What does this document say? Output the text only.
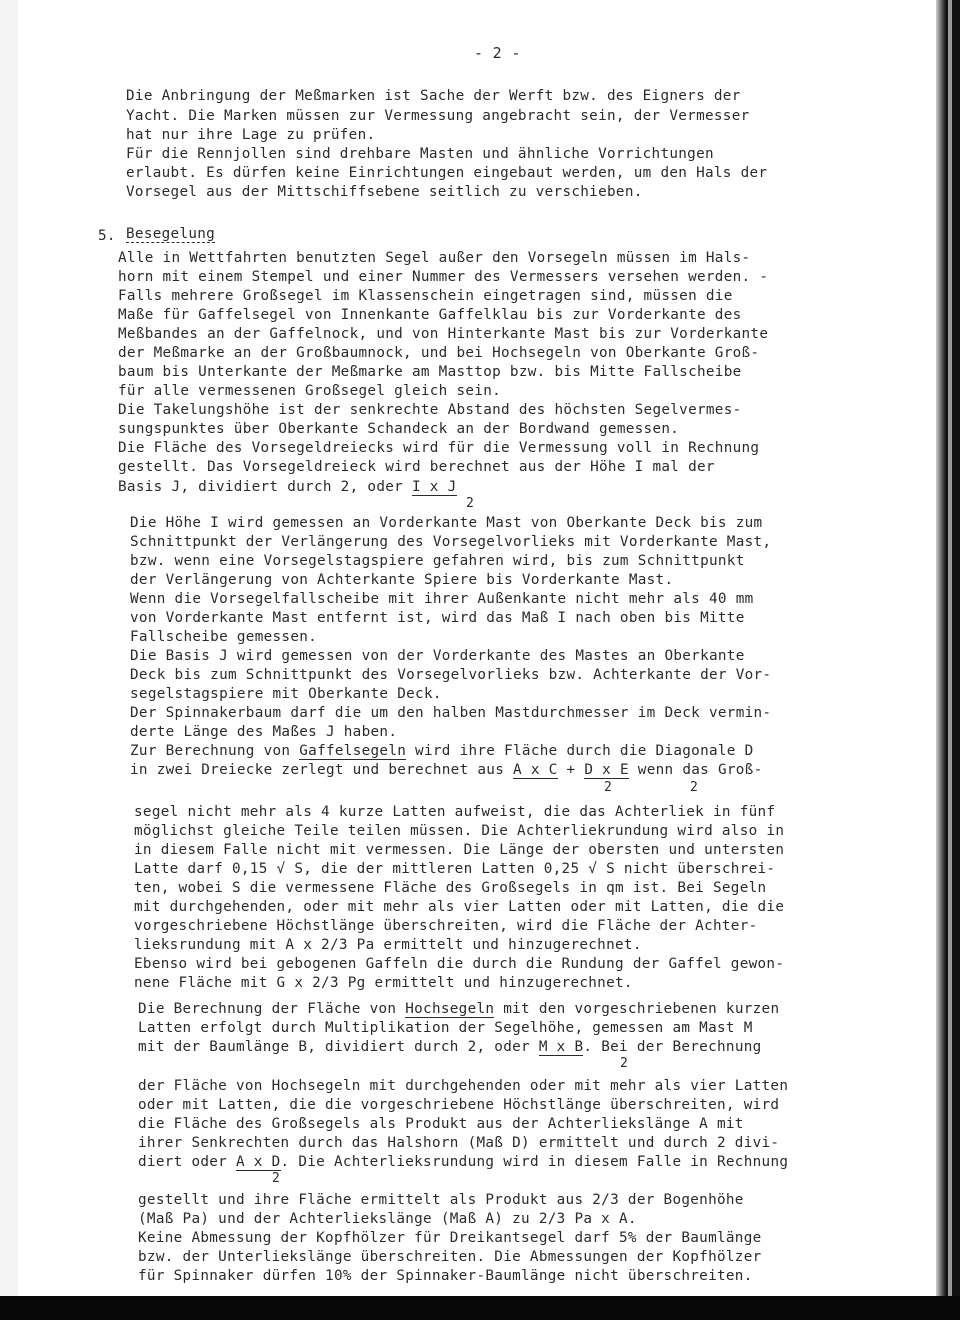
- 2 -
Die Anbringung der Meßmarken ist Sache der Werft bzw. des Eigners der
Yacht. Die Marken müssen zur Vermessung angebracht sein, der Vermesser
hat nur ihre Lage zu prüfen.
Für die Rennjollen sind drehbare Masten und ähnliche Vorrichtungen
erlaubt. Es dürfen keine Einrichtungen eingebaut werden, um den Hals der
Vorsegel aus der Mittschiffsebene seitlich zu verschieben.
5. Besegelung
Alle in Wettfahrten benutzten Segel außer den Vorsegeln müssen im Hals-
horn mit einem Stempel und einer Nummer des Vermessers versehen werden. -
Falls mehrere Großsegel im Klassenschein eingetragen sind, müssen die
Maße für Gaffelsegel von Innenkante Gaffelklau bis zur Vorderkante des
Meßbandes an der Gaffelnock, und von Hinterkante Mast bis zur Vorderkante
der Meßmarke an der Großbaumnock, und bei Hochsegeln von Oberkante Groß-
baum bis Unterkante der Meßmarke am Masttop bzw. bis Mitte Fallscheibe
für alle vermessenen Großsegel gleich sein.
Die Takelungshöhe ist der senkrechte Abstand des höchsten Segelvermes-
sungspunktes über Oberkante Schandeck an der Bordwand gemessen.
Die Fläche des Vorsegeldreiecks wird für die Vermessung voll in Rechnung
gestellt. Das Vorsegeldreieck wird berechnet aus der Höhe I mal der
Basis J, dividiert durch 2, oder I x J
2
Die Höhe I wird gemessen an Vorderkante Mast von Oberkante Deck bis zum
Schnittpunkt der Verlängerung des Vorsegelvorlieks mit Vorderkante Mast,
bzw. wenn eine Vorsegelstagspiere gefahren wird, bis zum Schnittpunkt
der Verlängerung von Achterkante Spiere bis Vorderkante Mast.
Wenn die Vorsegelfallscheibe mit ihrer Außenkante nicht mehr als 40 mm
von Vorderkante Mast entfernt ist, wird das Maß I nach oben bis Mitte
Fallscheibe gemessen.
Die Basis J wird gemessen von der Vorderkante des Mastes an Oberkante
Deck bis zum Schnittpunkt des Vorsegelvorlieks bzw. Achterkante der Vor-
segelstagspiere mit Oberkante Deck.
Der Spinnakerbaum darf die um den halben Mastdurchmesser im Deck vermin-
derte Länge des Maßes J haben.
Zur Berechnung von Gaffelsegeln wird ihre Fläche durch die Diagonale D
in zwei Dreiecke zerlegt und berechnet aus A x C + D x E wenn das Groß-
2	2
segel nicht mehr als 4 kurze Latten aufweist, die das Achterliek in fünf
möglichst gleiche Teile teilen müssen. Die Achterliekrundung wird also in
in diesem Falle nicht mit vermessen. Die Länge der obersten und untersten
Latte darf 0,15 √ S, die der mittleren Latten 0,25 √ S nicht überschrei-
ten, wobei S die vermessene Fläche des Großsegels in qm ist. Bei Segeln
mit durchgehenden, oder mit mehr als vier Latten oder mit Latten, die die
vorgeschriebene Höchstlänge überschreiten, wird die Fläche der Achter-
lieksrundung mit A x 2/3 Pa ermittelt und hinzugerechnet.
Ebenso wird bei gebogenen Gaffeln die durch die Rundung der Gaffel gewon-
nene Fläche mit G x 2/3 Pg ermittelt und hinzugerechnet.
Die Berechnung der Fläche von Hochsegeln mit den vorgeschriebenen kurzen
Latten erfolgt durch Multiplikation der Segelhöhe, gemessen am Mast M
mit der Baumlänge B, dividiert durch 2, oder M x B. Bei der Berechnung
2
der Fläche von Hochsegeln mit durchgehenden oder mit mehr als vier Latten
oder mit Latten, die die vorgeschriebene Höchstlänge überschreiten, wird
die Fläche des Großsegels als Produkt aus der Achterliekslänge A mit
ihrer Senkrechten durch das Halshorn (Maß D) ermittelt und durch 2 divi-
diert oder A x D. Die Achterlieksrundung wird in diesem Falle in Rechnung
2
gestellt und ihre Fläche ermittelt als Produkt aus 2/3 der Bogenhöhe
(Maß Pa) und der Achterliekslänge (Maß A) zu 2/3 Pa x A.
Keine Abmessung der Kopfhölzer für Dreikantsegel darf 5% der Baumlänge
bzw. der Unterliekslänge überschreiten. Die Abmessungen der Kopfhölzer
für Spinnaker dürfen 10% der Spinnaker-Baumlänge nicht überschreiten.
